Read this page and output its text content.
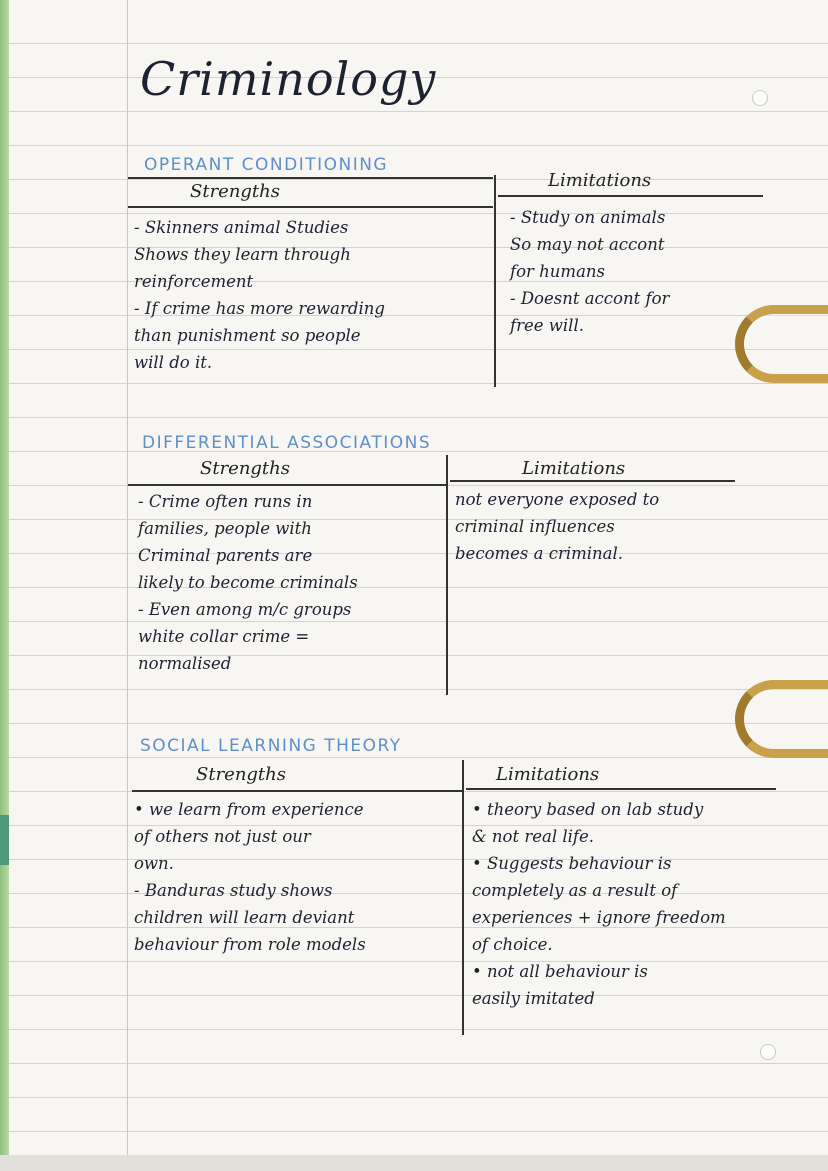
Criminology
OPERANT CONDITIONING
Strengths
Limitations
- Skinners animal Studies
Shows they learn through
reinforcement
- If crime has more rewarding
than punishment so people
will do it.
- Study on animals
So may not accont
for humans
- Doesnt accont for
free will.
DIFFERENTIAL ASSOCIATIONS
Strengths	Limitations
- Crime often runs in
families, people with
Criminal parents are
likely to become criminals
- Even among m/c groups
white collar crime =
normalised
not everyone exposed to
criminal influences
becomes a criminal.
SOCIAL LEARNING THEORY
Strengths	Limitations
• we learn from experience
of others not just our
own.
- Banduras study shows
children will learn deviant
behaviour from role models
• theory based on lab study
& not real life.
• Suggests behaviour is
completely as a result of
experiences + ignore freedom
of choice.
• not all behaviour is
easily imitated
